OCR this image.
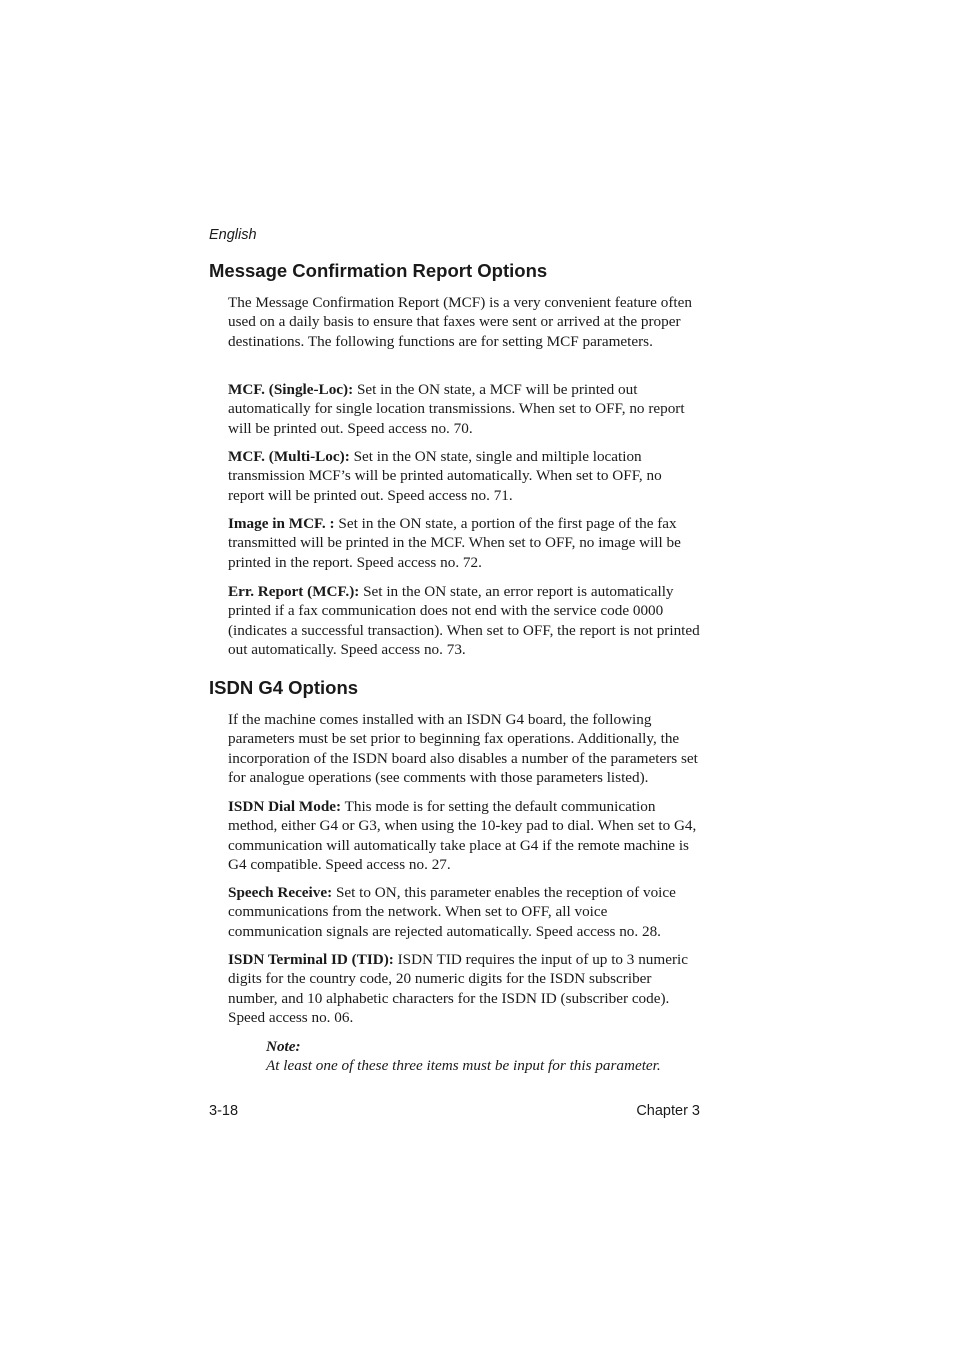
English
Message Confirmation Report Options

The Message Confirmation Report (MCF) is a very convenient feature often used on a daily basis to ensure that faxes were sent or arrived at the proper destinations. The following functions are for setting MCF parameters.

MCF. (Single-Loc): Set in the ON state, a MCF will be printed out automatically for single location transmissions. When set to OFF, no report will be printed out. Speed access no. 70.

MCF. (Multi-Loc): Set in the ON state, single and miltiple location transmission MCF’s will be printed automatically. When set to OFF, no report will be printed out. Speed access no. 71.

Image in MCF. : Set in the ON state, a portion of the first page of the fax transmitted will be printed in the MCF. When set to OFF, no image will be printed in the report. Speed access no. 72.

Err. Report (MCF.): Set in the ON state, an error report is automatically printed if a fax communication does not end with the service code 0000 (indicates a successful transaction). When set to OFF, the report is not printed out automatically. Speed access no. 73.

ISDN G4 Options

If the machine comes installed with an ISDN G4 board, the following parameters must be set prior to beginning fax operations. Additionally, the incorporation of the ISDN board also disables a number of the parameters set for analogue operations (see comments with those parameters listed).

ISDN Dial Mode: This mode is for setting the default communication method, either G4 or G3, when using the 10-key pad to dial. When set to G4, communication will automatically take place at G4 if the remote machine is G4 compatible. Speed access no. 27.

Speech Receive: Set to ON, this parameter enables the reception of voice communications from the network. When set to OFF, all voice communication signals are rejected automatically. Speed access no. 28.

ISDN Terminal ID (TID): ISDN TID requires the input of up to 3 numeric digits for the country code, 20 numeric digits for the ISDN subscriber number, and 10 alphabetic characters for the ISDN ID (subscriber code). Speed access no. 06.

Note:
At least one of these three items must be input for this parameter.
3-18	Chapter 3
